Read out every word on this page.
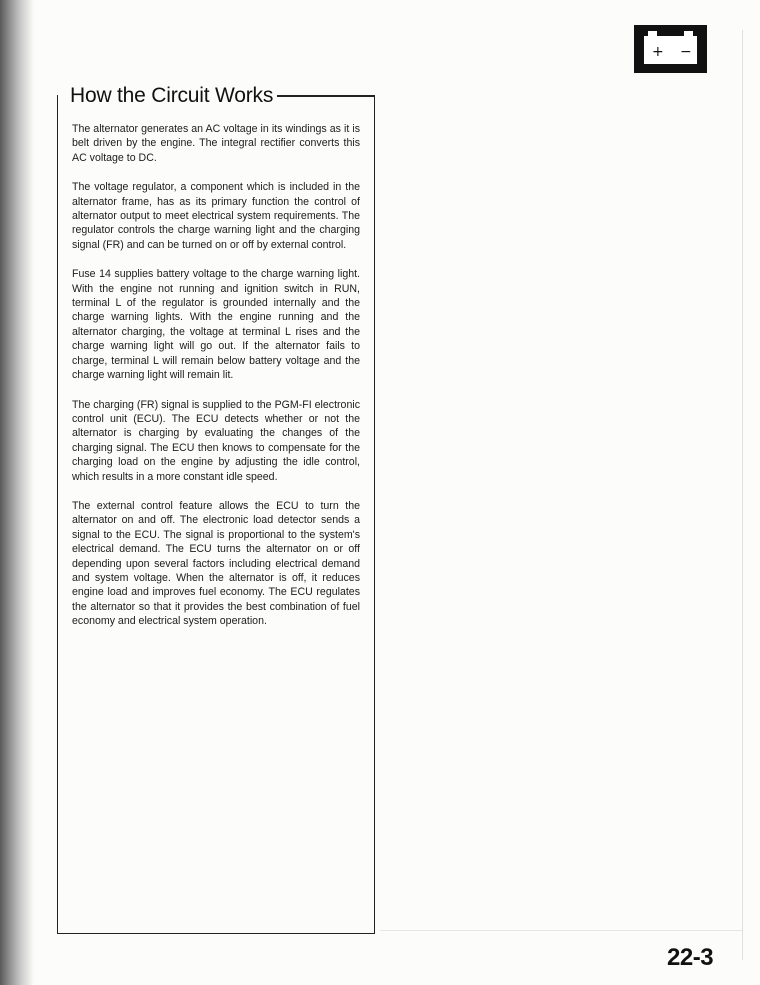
+ −
How the Circuit Works

The alternator generates an AC voltage in its windings as it is belt driven by the engine. The integral rectifier converts this AC voltage to DC.

The voltage regulator, a component which is included in the alternator frame, has as its primary function the control of alternator output to meet electrical system requirements. The regulator controls the charge warning light and the charging signal (FR) and can be turned on or off by external control.

Fuse 14 supplies battery voltage to the charge warning light. With the engine not running and ignition switch in RUN, terminal L of the regulator is grounded internally and the charge warning lights. With the engine running and the alternator charging, the voltage at terminal L rises and the charge warning light will go out. If the alternator fails to charge, terminal L will remain below battery voltage and the charge warning light will remain lit.

The charging (FR) signal is supplied to the PGM-FI electronic control unit (ECU). The ECU detects whether or not the alternator is charging by evaluating the changes of the charging signal. The ECU then knows to compensate for the charging load on the engine by adjusting the idle control, which results in a more constant idle speed.

The external control feature allows the ECU to turn the alternator on and off. The electronic load detector sends a signal to the ECU. The signal is proportional to the system's electrical demand. The ECU turns the alternator on or off depending upon several factors including electrical demand and system voltage. When the alternator is off, it reduces engine load and improves fuel economy. The ECU regulates the alternator so that it provides the best combination of fuel economy and electrical system operation.

22-3
